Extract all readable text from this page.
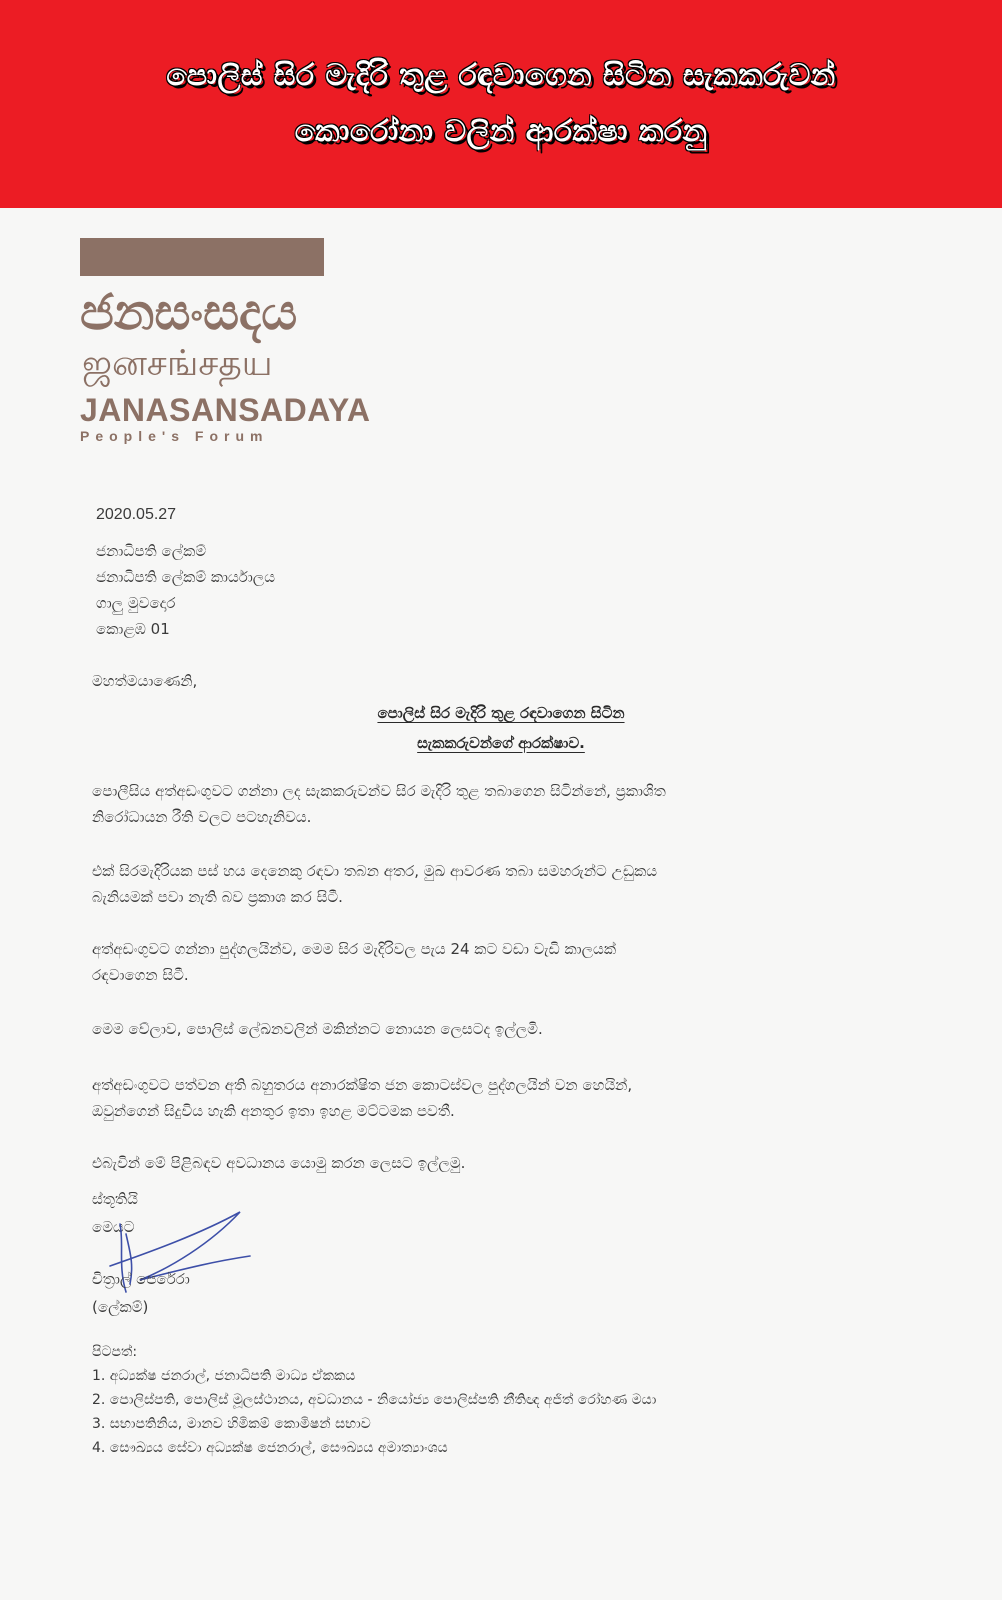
පොලිස් සිර මැදිරි තුළ රඳවාගෙන සිටින සැකකරුවන්
කොරෝනා වලින් ආරක්ෂා කරනු
ජනසංසදය
ஜனசங்சதய
JANASANSADAYA
People's Forum
2020.05.27
ජනාධිපති ලේකම්
ජනාධිපති ලේකම් කාර්යාලය
ගාලු මුවදොර
කොළඹ 01
මහත්මයාණෙනි,
පොලිස් සිර මැදිරි තුළ රඳවාගෙන සිටින
සැකකරුවන්ගේ ආරක්ෂාව.
පොලීසිය අත්අඩංගුවට ගන්නා ලද සැකකරුවන්ව සිර මැදිරි තුළ තබාගෙන සිටින්නේ, ප්‍රකාශිත
නිරෝධායන රීති වලට පටහැනිවය.
එක් සිරමැදිරියක පස් හය දෙනෙකු රඳවා තබන අතර, මුඛ ආවරණ තබා සමහරුන්ට උඩුකය
බැනියමක් පවා නැති බව ප්‍රකාශ කර සිටී.
අත්අඩංගුවට ගන්නා පුද්ගලයින්ව, මෙම සිර මැදිරිවල පැය 24 කට වඩා වැඩි කාලයක්
රඳවාගෙන සිටී.
මෙම වේලාව, පොලිස් ලේඛනවලින් මකින්නට නොයන ලෙසටද ඉල්ලමි.
අත්අඩංගුවට පත්වන අති බහුතරය අනාරක්ෂිත ජන කොටස්වල පුද්ගලයින් වන හෙයින්,
ඔවුන්ගෙන් සිදුවිය හැකි අනතුර ඉතා ඉහළ මට්ටමක පවතී.
එබැවින් මේ පිළිබඳව අවධානය යොමු කරන ලෙසට ඉල්ලමු.
ස්තූතියි
මෙයට
චිත්‍රාල් පෙරේරා
(ලේකම්)
පිටපත්:
1. අධ්‍යක්ෂ ජනරාල්, ජනාධිපති මාධ්‍ය ඒකකය
2. පොලිස්පති, පොලිස් මූලස්ථානය, අවධානය - නියෝජ්‍ය පොලිස්පති නීතිඥ අජිත් රෝහණ මයා
3. සභාපතිනිය, මානව හිමිකම් කොමිෂන් සභාව
4. සෞඛ්‍යය සේවා අධ්‍යක්ෂ ජෙනරාල්, සෞඛ්‍යය අමාත්‍යාංශය
